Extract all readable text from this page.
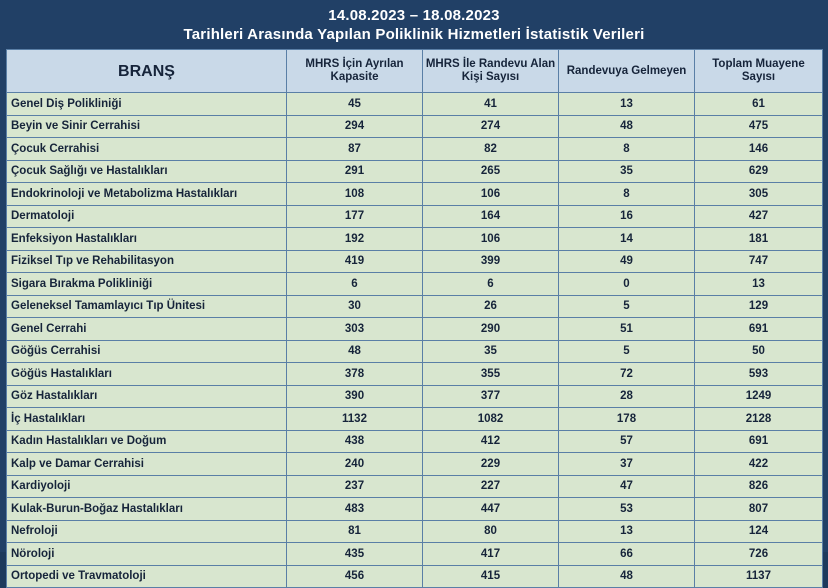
14.08.2023 – 18.08.2023
Tarihleri Arasında Yapılan Poliklinik Hizmetleri İstatistik Verileri
BRANŞ	MHRS İçin Ayrılan Kapasite	MHRS İle Randevu Alan Kişi Sayısı	Randevuya Gelmeyen	Toplam Muayene Sayısı
Genel Diş Polikliniği	45	41	13	61
Beyin ve Sinir Cerrahisi	294	274	48	475
Çocuk Cerrahisi	87	82	8	146
Çocuk Sağlığı ve Hastalıkları	291	265	35	629
Endokrinoloji ve Metabolizma Hastalıkları	108	106	8	305
Dermatoloji	177	164	16	427
Enfeksiyon Hastalıkları	192	106	14	181
Fiziksel Tıp ve Rehabilitasyon	419	399	49	747
Sigara Bırakma Polikliniği	6	6	0	13
Geleneksel Tamamlayıcı Tıp Ünitesi	30	26	5	129
Genel Cerrahi	303	290	51	691
Göğüs Cerrahisi	48	35	5	50
Göğüs Hastalıkları	378	355	72	593
Göz Hastalıkları	390	377	28	1249
İç Hastalıkları	1132	1082	178	2128
Kadın Hastalıkları ve Doğum	438	412	57	691
Kalp ve Damar Cerrahisi	240	229	37	422
Kardiyoloji	237	227	47	826
Kulak-Burun-Boğaz Hastalıkları	483	447	53	807
Nefroloji	81	80	13	124
Nöroloji	435	417	66	726
Ortopedi ve Travmatoloji	456	415	48	1137
